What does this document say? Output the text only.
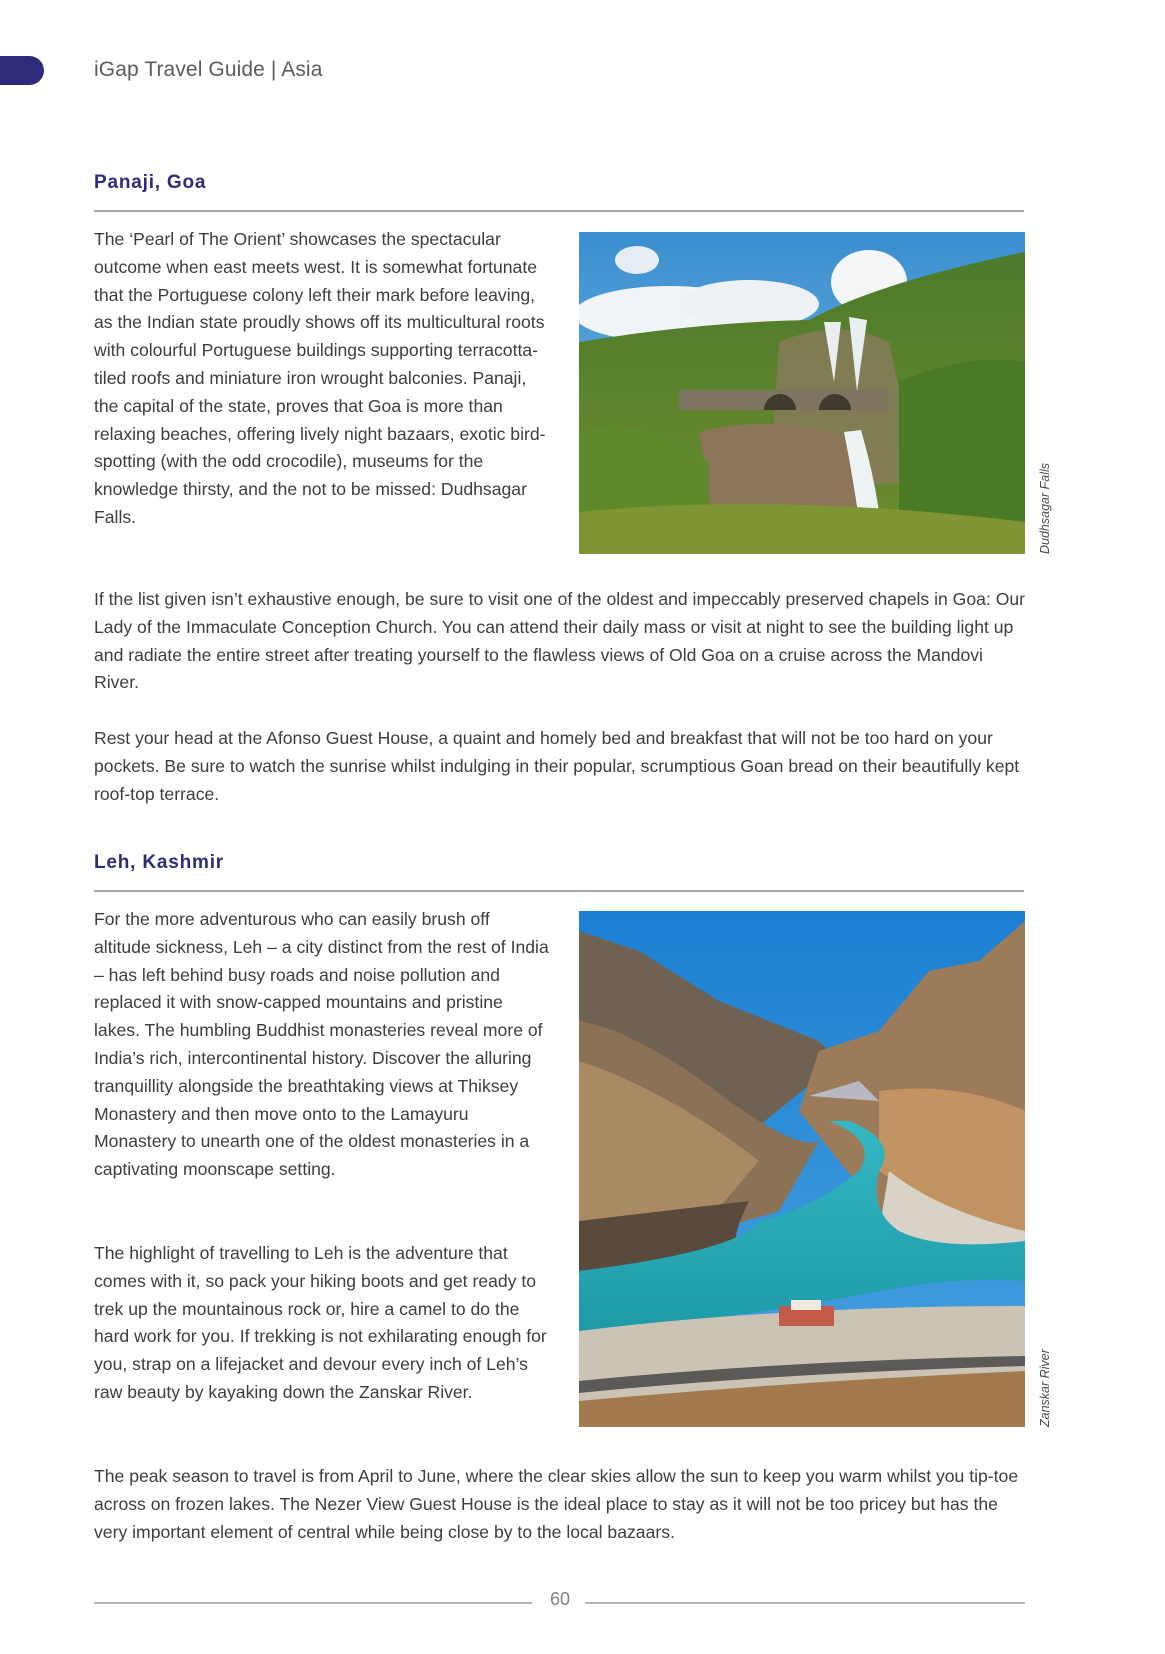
iGap Travel Guide | Asia
Panaji, Goa

The ‘Pearl of The Orient’ showcases the spectacular outcome when east meets west. It is somewhat fortunate that the Portuguese colony left their mark before leaving, as the Indian state proudly shows off its multicultural roots with colourful Portuguese buildings supporting terracotta-tiled roofs and miniature iron wrought balconies. Panaji, the capital of the state, proves that Goa is more than relaxing beaches, offering lively night bazaars, exotic bird-spotting (with the odd crocodile), museums for the knowledge thirsty, and the not to be missed: Dudhsagar Falls.	Dudhsagar Falls

If the list given isn’t exhaustive enough, be sure to visit one of the oldest and impeccably preserved chapels in Goa: Our Lady of the Immaculate Conception Church. You can attend their daily mass or visit at night to see the building light up and radiate the entire street after treating yourself to the flawless views of Old Goa on a cruise across the Mandovi River.

Rest your head at the Afonso Guest House, a quaint and homely bed and breakfast that will not be too hard on your pockets. Be sure to watch the sunrise whilst indulging in their popular, scrumptious Goan bread on their beautifully kept roof-top terrace.

Leh, Kashmir

For the more adventurous who can easily brush off altitude sickness, Leh – a city distinct from the rest of India – has left behind busy roads and noise pollution and replaced it with snow-capped mountains and pristine lakes. The humbling Buddhist monasteries reveal more of India’s rich, intercontinental history. Discover the alluring tranquillity alongside the breathtaking views at Thiksey Monastery and then move onto to the Lamayuru Monastery to unearth one of the oldest monasteries in a captivating moonscape setting.

The highlight of travelling to Leh is the adventure that comes with it, so pack your hiking boots and get ready to trek up the mountainous rock or, hire a camel to do the hard work for you. If trekking is not exhilarating enough for you, strap on a lifejacket and devour every inch of Leh’s raw beauty by kayaking down the Zanskar River.	Zanskar River

The peak season to travel is from April to June, where the clear skies allow the sun to keep you warm whilst you tip-toe across on frozen lakes. The Nezer View Guest House is the ideal place to stay as it will not be too pricey but has the very important element of central while being close by to the local bazaars.

60
